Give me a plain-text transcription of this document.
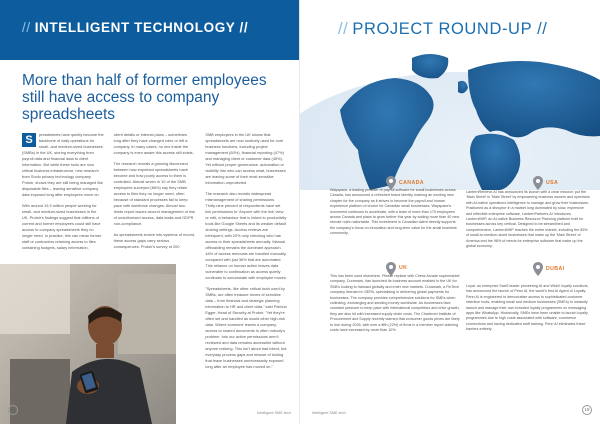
// INTELLIGENT TECHNOLOGY //
More than half of former employees still have access to company spreadsheets

S	preadsheets have quietly become the backbone of daily operations for small- and medium-sized businesses (SMBs) in the UK, storing everything from payroll data and financial data to client information. But while these tools are now critical business infrastructure, new research from Sonio privacy technology company Protoir, shows they are still being managed like disposable files – leaving sensitive company data exposed long after employees move on.

With around 15.9 million people working for small- and medium-sized businesses in the UK, Protoir's findings suggest that millions of current and former employees could still have access to company spreadsheets they no longer need. In practice, this can mean former staff or contractors retaining access to files containing budgets, salary information,

client details or internal plans – sometimes long after they have changed roles or left a company. In many cases, no one inside the company is even aware this access still exists.

The research reveals a growing disconnect between how important spreadsheets have become and how poorly access to them is controlled. Almost seven in 10 of the SMB employees surveyed (66%) say they retain access to files they no longer need, often because of standard processes fail to keep pace with workforce changes. Almost two-thirds report issues around management of risk of unauthorised access, data leaks and GDPR non-compliance.

As spreadsheets evolve into systems of record, these access gaps carry serious consequences. Protoir's survey of 200

SMB employees in the UK shows that spreadsheets are now routinely used for core business functions, including project management (60%), financial reporting (47%) and managing client or customer data (45%). Yet without proper governance, automation or visibility into who can access what, businesses are leaving some of their most sensitive information unprotected.

The research also reveals widespread mismanagement of sharing permissions. Thirty-nine percent of respondents have set link permissions to 'Anyone with the link' view or edit, a behaviour that is linked to productivity tools like Google Sheets and its weaker default sharing settings. Access reviews are infrequent, with 20% only checking who has access to their spreadsheets annually. Manual offboarding remains the dominant approach. 44% of access removals are handled manually, compared with just 36% that are automated. This reliance on human action leaves data vulnerable to continuation as access quietly continues to accumulate with employee moves.

"Spreadsheets, like other critical tools used by SMBs, are often treasure troves of sensitive data – from financial and strategic planning information to HR and client data," said Patricio Egger, Head of Security at Protoir. "Yet they're often set and handled as would other high-risk data. Where someone leaves a company, access to shared documents is often nobody's problem. Into our active permissions aren't reviewed and data remains accessible without anyone noticing. This isn't about bad intent, but everyday process gaps and misuse of tooling that leave businesses unnecessarily exposed long after an employee has moved on."

18
Intelligent SME.tech
// PROJECT ROUND-UP //
CANADA
Wayspace, a leading provider of payroll software for small businesses across Canada, has announced a refreshed brand identity marking an exciting new chapter for the company as it strives to become the payroll and human experience platform of choice for Canadian small businesses. Wayspace's movement continues to accelerate, with a team of more than 170 employees across Canada and plans to grow further this year by adding more than 40 new remote roles nationwide. This investment in Canadian talent directly supports the company's focus on innovation and long-term value for the small business community.
USA
UK
This has been used elsewhere. Please replace with Chess Arcade supermarket company, Curamark, has launched its business account enabled in the UK for SMEs looking to transact globally and enter new markets. Curamark, a FinTech company licensed in SEPA, specialising in delivering global payments for businesses. The company provides comprehensive solutions for SMEs when collecting, exchanging and sending money worldwide. As businesses face constant pressure to keep pace with international competitors and drive growth, they are also hit with increased supply chain costs. The Chartered Institute of Procurement and Supply recently warned that consumer goods prices are likely to rise during 2026, with over a fifth (22%) of firms in a member report claiming costs have increased by more than 10%.
DUBAI
Loyal, an enterprise SaaS leader pioneering AI and WebX loyalty solutions, has announced the launch of Penn AI, the world's first AI Agent of Loyalty. Penn AI is engineered to democratise access to sophisticated customer retention tools, enabling small and medium businesses (SMEs) to instantly launch and manage their own branded loyalty programmes on messaging apps like WhatsApp. Historically, SMEs have been unable to launch loyalty programmes due to high costs associated with software, commerce connections and having dedicated staff training. Penn AI eliminates these barriers entirely.
Intelligent SME.tech
19
LanternRetrieve.AI has announced its launch with a clear mission: put the 'Main Street' in 'Main Street' by empowering business owners and operators with AI-native operations intelligence to manage and grow their businesses. Positioned as a disruptor in a market long dominated by slow, expensive and inflexible enterprise software, LanternPartners.AI introduces LanternMHP, an AI-native Business Resource Planning platform built for businesses across key vertical. Designed to be streamlined and comprehensive, LanternMHP reaches the entire market, including the 85% of small-to-medium-sized businesses that make up the 'Main Street' of America and the 98% of needs for enterprise software that make up the global economy.
